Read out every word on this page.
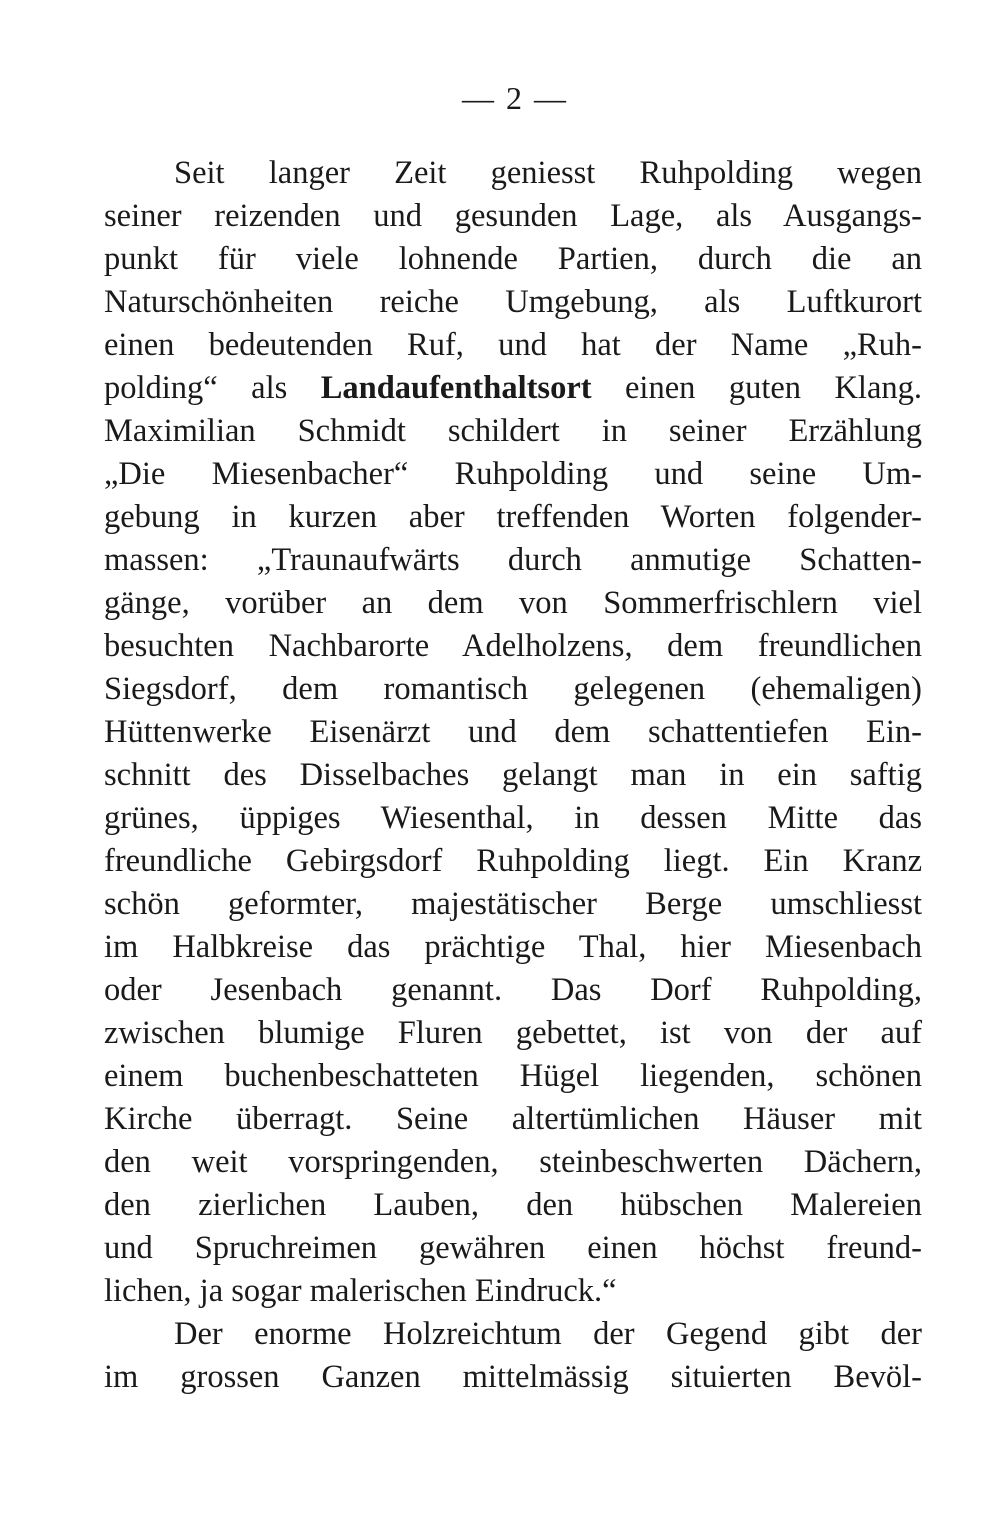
— 2 —
Seit langer Zeit geniesst Ruhpolding wegen
seiner reizenden und gesunden Lage, als Ausgangs-
punkt für viele lohnende Partien, durch die an
Naturschönheiten reiche Umgebung, als Luftkurort
einen bedeutenden Ruf, und hat der Name „Ruh-
polding“ als Landaufenthaltsort einen guten Klang.
Maximilian Schmidt schildert in seiner Erzählung
„Die Miesenbacher“ Ruhpolding und seine Um-
gebung in kurzen aber treffenden Worten folgender-
massen: „Traunaufwärts durch anmutige Schatten-
gänge, vorüber an dem von Sommerfrischlern viel
besuchten Nachbarorte Adelholzens, dem freundlichen
Siegsdorf, dem romantisch gelegenen (ehemaligen)
Hüttenwerke Eisenärzt und dem schattentiefen Ein-
schnitt des Disselbaches gelangt man in ein saftig
grünes, üppiges Wiesenthal, in dessen Mitte das
freundliche Gebirgsdorf Ruhpolding liegt. Ein Kranz
schön geformter, majestätischer Berge umschliesst
im Halbkreise das prächtige Thal, hier Miesenbach
oder Jesenbach genannt. Das Dorf Ruhpolding,
zwischen blumige Fluren gebettet, ist von der auf
einem buchenbeschatteten Hügel liegenden, schönen
Kirche überragt. Seine altertümlichen Häuser mit
den weit vorspringenden, steinbeschwerten Dächern,
den zierlichen Lauben, den hübschen Malereien
und Spruchreimen gewähren einen höchst freund-
lichen, ja sogar malerischen Eindruck.“
Der enorme Holzreichtum der Gegend gibt der
im grossen Ganzen mittelmässig situierten Bevöl-
